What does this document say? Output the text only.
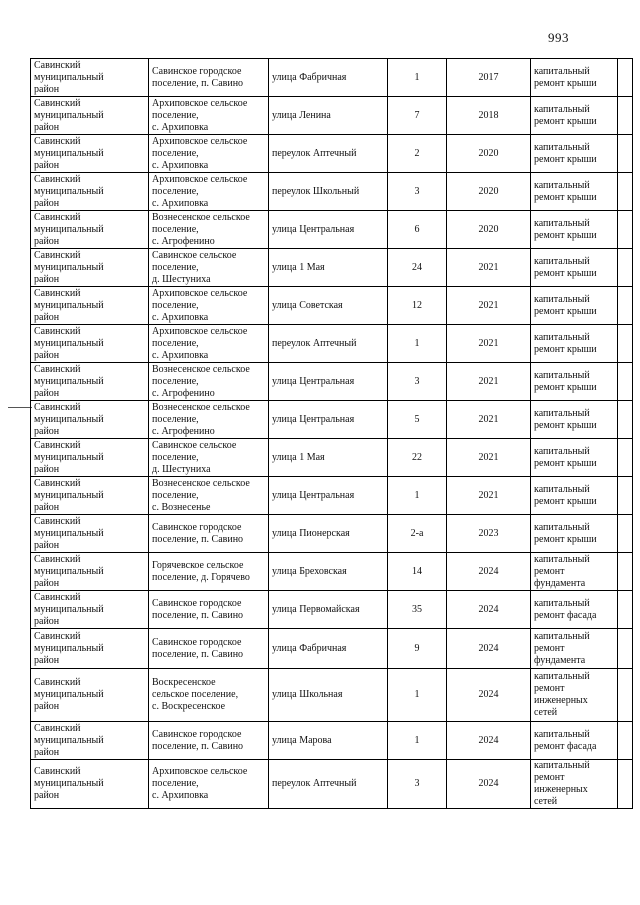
993
Савинский
муниципальный
район	Савинское городское
поселение, п. Савино	улица Фабричная	1	2017	капитальный
ремонт крыши	

Савинский
муниципальный
район	Архиповское сельское
поселение,
с. Архиповка	улица Ленина	7	2018	капитальный
ремонт крыши	

Савинский
муниципальный
район	Архиповское сельское
поселение,
с. Архиповка	переулок Аптечный	2	2020	капитальный
ремонт крыши	

Савинский
муниципальный
район	Архиповское сельское
поселение,
с. Архиповка	переулок Школьный	3	2020	капитальный
ремонт крыши	

Савинский
муниципальный
район	Вознесенское сельское
поселение,
с. Агрофенино	улица Центральная	6	2020	капитальный
ремонт крыши	

Савинский
муниципальный
район	Савинское сельское
поселение,
д. Шестуниха	улица 1 Мая	24	2021	капитальный
ремонт крыши	

Савинский
муниципальный
район	Архиповское сельское
поселение,
с. Архиповка	улица Советская	12	2021	капитальный
ремонт крыши	

Савинский
муниципальный
район	Архиповское сельское
поселение,
с. Архиповка	переулок Аптечный	1	2021	капитальный
ремонт крыши	

Савинский
муниципальный
район	Вознесенское сельское
поселение,
с. Агрофенино	улица Центральная	3	2021	капитальный
ремонт крыши	

Савинский
муниципальный
район	Вознесенское сельское
поселение,
с. Агрофенино	улица Центральная	5	2021	капитальный
ремонт крыши	

Савинский
муниципальный
район	Савинское сельское
поселение,
д. Шестуниха	улица 1 Мая	22	2021	капитальный
ремонт крыши	

Савинский
муниципальный
район	Вознесенское сельское
поселение,
с. Вознесенье	улица Центральная	1	2021	капитальный
ремонт крыши	

Савинский
муниципальный
район	Савинское городское
поселение, п. Савино	улица Пионерская	2-а	2023	капитальный
ремонт крыши	

Савинский
муниципальный
район	Горячевское сельское
поселение, д. Горячево	улица Бреховская	14	2024	капитальный
ремонт
фундамента	

Савинский
муниципальный
район	Савинское городское
поселение, п. Савино	улица Первомайская	35	2024	капитальный
ремонт фасада	

Савинский
муниципальный
район	Савинское городское
поселение, п. Савино	улица Фабричная	9	2024	капитальный
ремонт
фундамента	

Савинский
муниципальный
район	Воскресенское
сельское поселение,
с. Воскресенское	улица Школьная	1	2024	капитальный
ремонт
инженерных
сетей	

Савинский
муниципальный
район	Савинское городское
поселение, п. Савино	улица Марова	1	2024	капитальный
ремонт фасада	

Савинский
муниципальный
район	Архиповское сельское
поселение,
с. Архиповка	переулок Аптечный	3	2024	капитальный
ремонт
инженерных
сетей	
